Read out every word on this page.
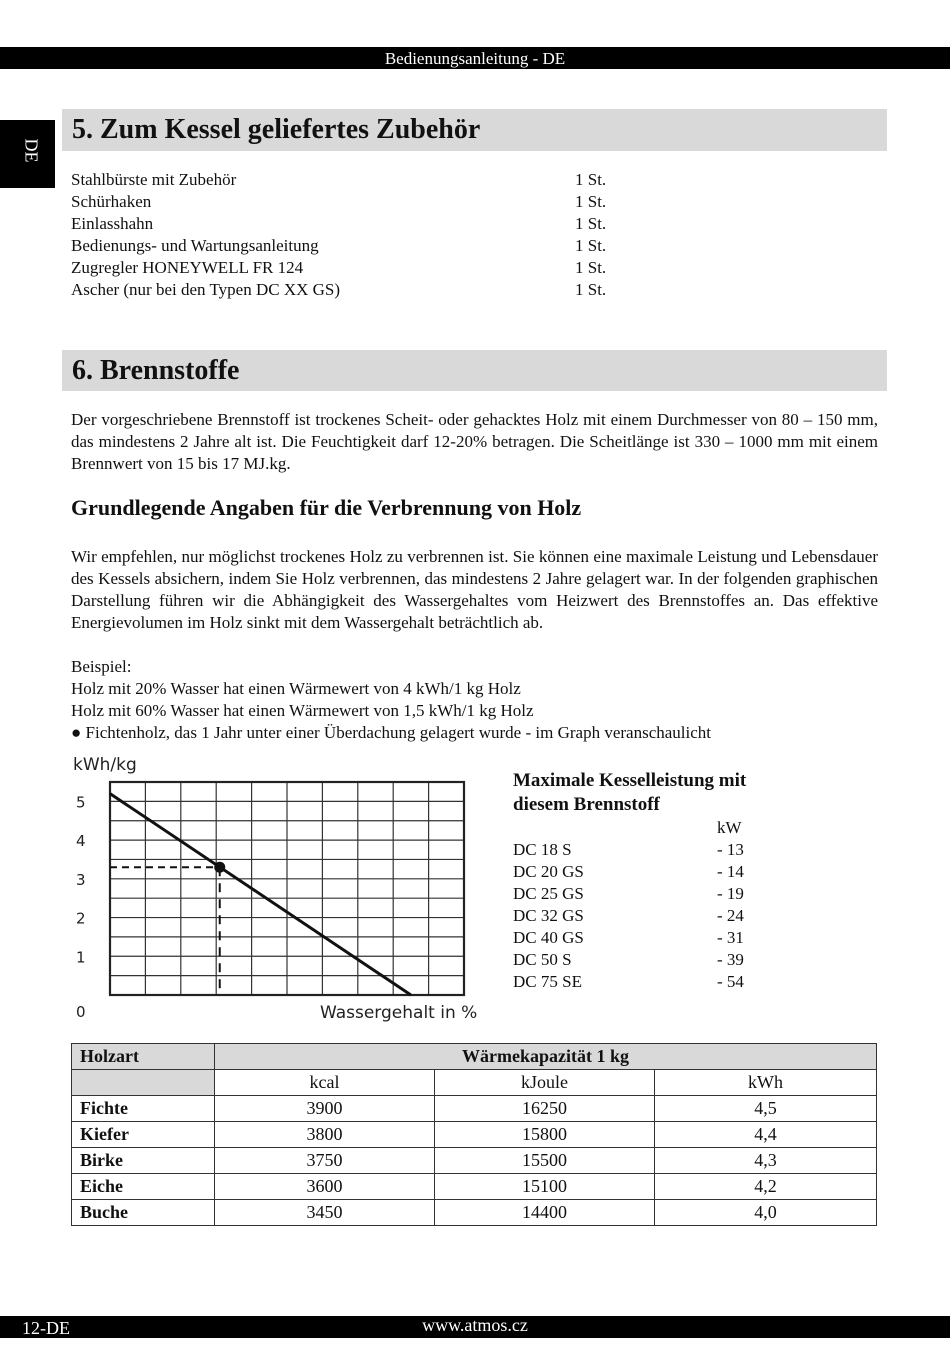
Bedienungsanleitung - DE
DE
5. Zum Kessel geliefertes Zubehör
Stahlbürste mit Zubehör	1 St.
Schürhaken	1 St.
Einlasshahn	1 St.
Bedienungs- und Wartungsanleitung	1 St.
Zugregler HONEYWELL FR 124	1 St.
Ascher (nur bei den Typen DC XX GS)	1 St.
6. Brennstoffe
Der vorgeschriebene Brennstoff ist trockenes Scheit- oder gehacktes Holz mit einem Durchmesser von 80 – 150 mm, das mindestens 2 Jahre alt ist. Die Feuchtigkeit darf 12-20% betragen. Die Scheitlänge ist 330 – 1000 mm mit einem Brennwert von 15 bis 17 MJ.kg.
Grundlegende Angaben für die Verbrennung von Holz
Wir empfehlen, nur möglichst trockenes Holz zu verbrennen ist. Sie können eine maximale Leistung und Lebensdauer des Kessels absichern, indem Sie Holz verbrennen, das mindestens 2 Jahre gelagert war. In der folgenden graphischen Darstellung führen wir die Abhängigkeit des Wassergehaltes vom Heizwert des Brennstoffes an. Das effektive Energievolumen im Holz sinkt mit dem Wassergehalt beträchtlich ab.
Beispiel:
Holz mit 20% Wasser hat einen Wärmewert von 4 kWh/1 kg Holz
Holz mit 60% Wasser hat einen Wärmewert von 1,5 kWh/1 kg Holz
● Fichtenholz, das 1 Jahr unter einer Überdachung gelagert wurde - im Graph veranschaulicht
kWh/kg
0
1
2
3
4
5
Wassergehalt in %
Maximale Kesselleistung mit
diesem Brennstoff
kW
DC 18 S	- 13
DC 20 GS	- 14
DC 25 GS	- 19
DC 32 GS	- 24
DC 40 GS	- 31
DC 50 S	- 39
DC 75 SE	- 54
Holzart	Wärmekapazität 1 kg		
	kcal	kJoule	kWh
Fichte	3900	16250	4,5
Kiefer	3800	15800	4,4
Birke	3750	15500	4,3
Eiche	3600	15100	4,2
Buche	3450	14400	4,0
12-DE	www.atmos.cz
